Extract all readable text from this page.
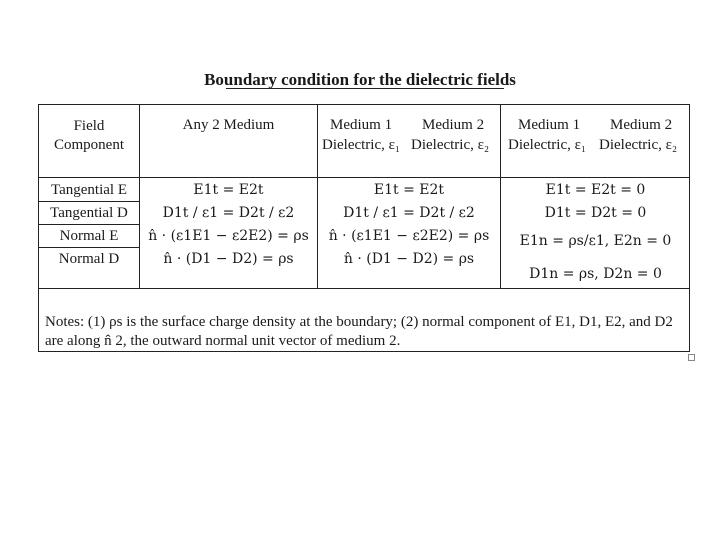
Boundary condition for the dielectric fields
Field
Component
Any 2 Medium	Medium 1 Medium 2
Dielectric, ε₁ Dielectric, ε₂
Medium 1 Medium 2
Dielectric, ε₁ Dielectric, ε₂
Tangential E
Tangential D
Normal E
Normal D
E1t = E2t
D1t / ε1 = D2t / ε2
n̂ · (ε1E1 − ε2E2) = ρs
n̂ · (D1 − D2) = ρs
E1t = E2t
D1t / ε1 = D2t / ε2
n̂ · (ε1E1 − ε2E2) = ρs
n̂ · (D1 − D2) = ρs
E1t = E2t = 0
D1t = D2t = 0
E1n = ρs/ε1, E2n = 0
D1n = ρs, D2n = 0
Notes: (1) ρs is the surface charge density at the boundary; (2) normal component of E1, D1, E2, and D2
are along n̂ 2, the outward normal unit vector of medium 2.
